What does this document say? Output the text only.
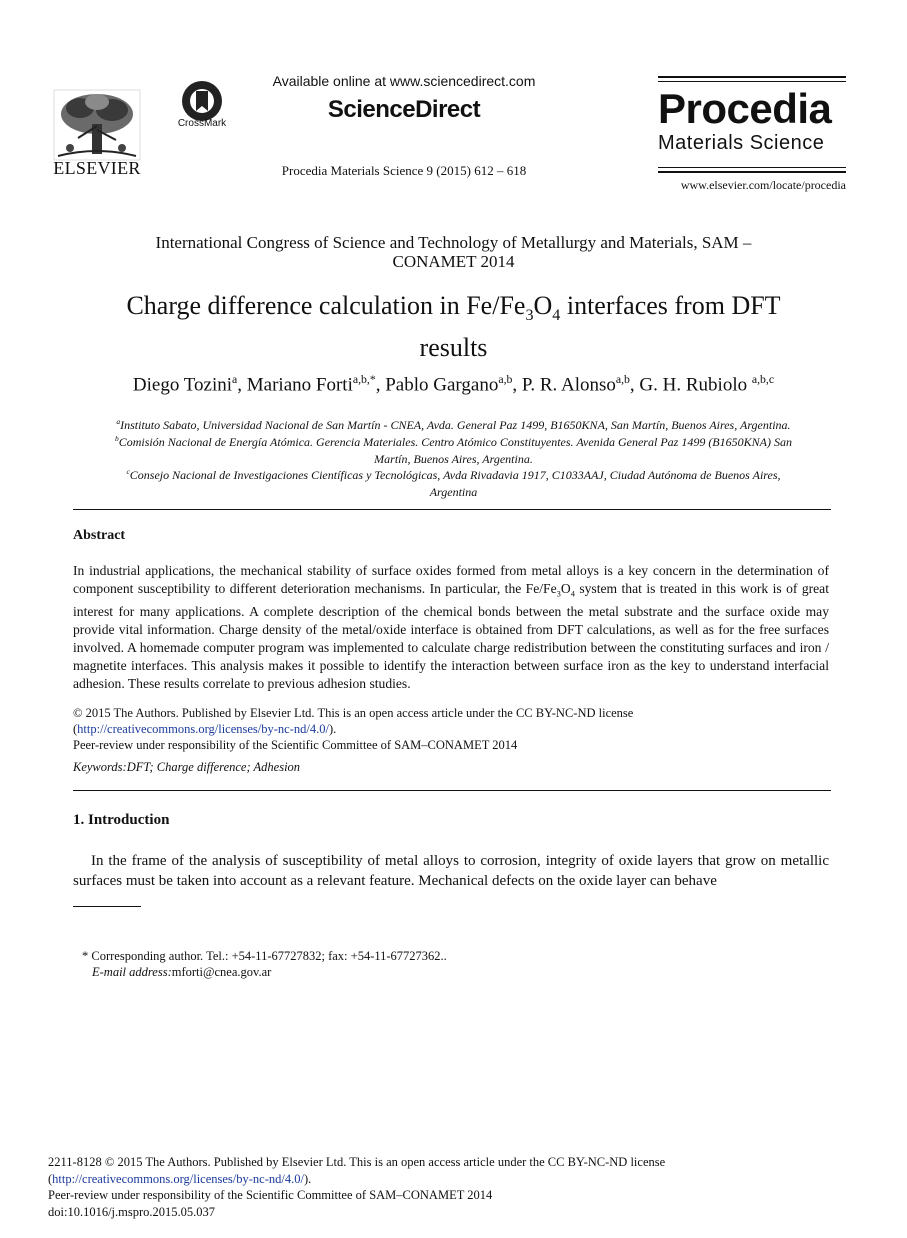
ELSEVIER
CrossMark
Available online at www.sciencedirect.com
ScienceDirect
Procedia Materials Science 9 (2015) 612 – 618
Procedia
Materials Science
www.elsevier.com/locate/procedia
International Congress of Science and Technology of Metallurgy and Materials, SAM –
CONAMET 2014
Charge difference calculation in $Fe/Fe_3O_4$ interfaces from DFT
results
Diego Tozini$^a$, Mariano Forti$^{a,b,*}$, Pablo Gargano$^{a,b}$, P. R. Alonso$^{a,b}$, G. H. Rubiolo $^{a,b,c}$
$^a$Instituto Sabato, Universidad Nacional de San Martín - CNEA, Avda. General Paz 1499, B1650KNA, San Martín, Buenos Aires, Argentina.
$^b$Comisión Nacional de Energía Atómica. Gerencia Materiales. Centro Atómico Constituyentes. Avenida General Paz 1499 (B1650KNA) San
Martín, Buenos Aires, Argentina.
$^c$Consejo Nacional de Investigaciones Científicas y Tecnológicas, Avda Rivadavia 1917, C1033AAJ, Ciudad Autónoma de Buenos Aires,
Argentina
Abstract
In industrial applications, the mechanical stability of surface oxides formed from metal alloys is a key concern in the determination of component susceptibility to different deterioration mechanisms. In particular, the $Fe/Fe_3O_4$ system that is treated in this work is of great interest for many applications. A complete description of the chemical bonds between the metal substrate and the surface oxide may provide vital information. Charge density of the metal/oxide interface is obtained from DFT calculations, as well as for the free surfaces involved. A homemade computer program was implemented to calculate charge redistribution between the constituting surfaces and iron / magnetite interfaces. This analysis makes it possible to identify the interaction between surface iron as the key to understand interfacial adhesion. These results correlate to previous adhesion studies.
© 2015 The Authors. Published by Elsevier Ltd. This is an open access article under the CC BY-NC-ND license
(http://creativecommons.org/licenses/by-nc-nd/4.0/).
Peer-review under responsibility of the Scientific Committee of SAM–CONAMET 2014
Keywords:DFT; Charge difference; Adhesion
1. Introduction
In the frame of the analysis of susceptibility of metal alloys to corrosion, integrity of oxide layers that grow on metallic surfaces must be taken into account as a relevant feature. Mechanical defects on the oxide layer can behave
* Corresponding author. Tel.: +54-11-67727832; fax: +54-11-67727362..
E-mail address:mforti@cnea.gov.ar
2211-8128 © 2015 The Authors. Published by Elsevier Ltd. This is an open access article under the CC BY-NC-ND license
(http://creativecommons.org/licenses/by-nc-nd/4.0/).
Peer-review under responsibility of the Scientific Committee of SAM–CONAMET 2014
doi:10.1016/j.mspro.2015.05.037
